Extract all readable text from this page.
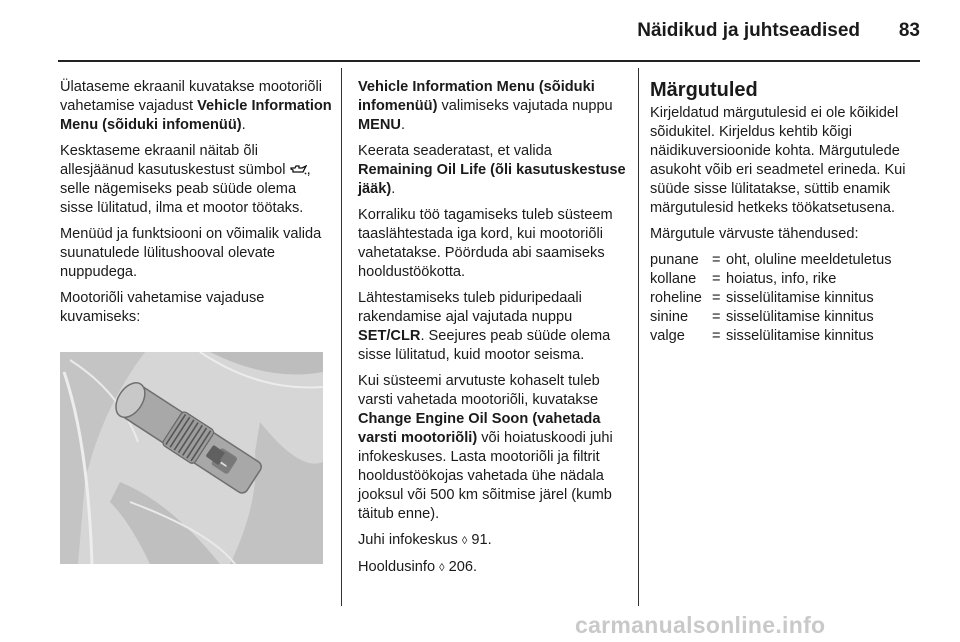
Näidikud ja juhtseadised 83

Ülataseme ekraanil kuvatakse mootoriõli vahetamise vajadust Vehicle Information Menu (sõiduki infomenüü).

Kesktaseme ekraanil näitab õli allesjäänud kasutuskestust sümbol , selle nägemiseks peab süüde olema sisse lülitatud, ilma et mootor töötaks.

Menüüd ja funktsiooni on võimalik valida suunatulede lülitushooval olevate nuppudega.

Mootoriõli vahetamise vajaduse kuvamiseks:

Vehicle Information Menu (sõiduki infomenüü) valimiseks vajutada nuppu MENU.

Keerata seaderatast, et valida Remaining Oil Life (õli kasutuskestuse jääk).

Korraliku töö tagamiseks tuleb süsteem taaslähtestada iga kord, kui mootoriõli vahetatakse. Pöörduda abi saamiseks hooldustöökotta.

Lähtestamiseks tuleb piduripedaali rakendamise ajal vajutada nuppu SET/CLR. Seejures peab süüde olema sisse lülitatud, kuid mootor seisma.

Kui süsteemi arvutuste kohaselt tuleb varsti vahetada mootoriõli, kuvatakse Change Engine Oil Soon (vahetada varsti mootoriõli) või hoiatuskoodi juhi infokeskuses. Lasta mootoriõli ja filtrit hooldustöökojas vahetada ühe nädala jooksul või 500 km sõitmise järel (kumb täitub enne).

Juhi infokeskus ◊ 91.

Hooldusinfo ◊ 206.

Märgutuled

Kirjeldatud märgutulesid ei ole kõikidel sõidukitel. Kirjeldus kehtib kõigi näidikuversioonide kohta. Märgutulede asukoht võib eri seadmetel erineda. Kui süüde sisse lülitatakse, süttib enamik märgutulesid hetkeks töökatsetusena.

Märgutule värvuste tähendused:

punane	=	oht, oluline meeldetuletus
kollane	=	hoiatus, info, rike
roheline	=	sisselülitamise kinnitus
sinine	=	sisselülitamise kinnitus
valge	=	sisselülitamise kinnitus
carmanualsonline.info
